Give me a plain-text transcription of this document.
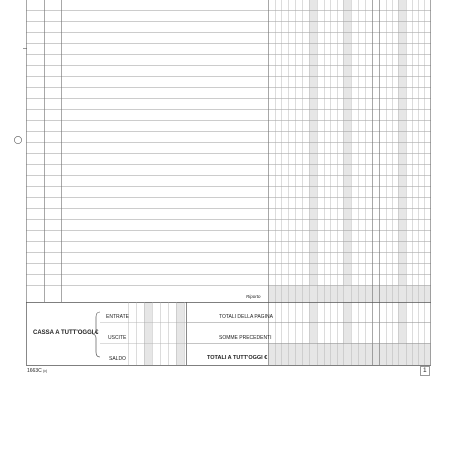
Riporto
CASSA A TUTT'OGGI €
ENTRATE
USCITE
SALDO
TOTALI DELLA PAGINA
SOMME PRECEDENTI
TOTALI A TUTT'OGGI €
1663C (c)	1
